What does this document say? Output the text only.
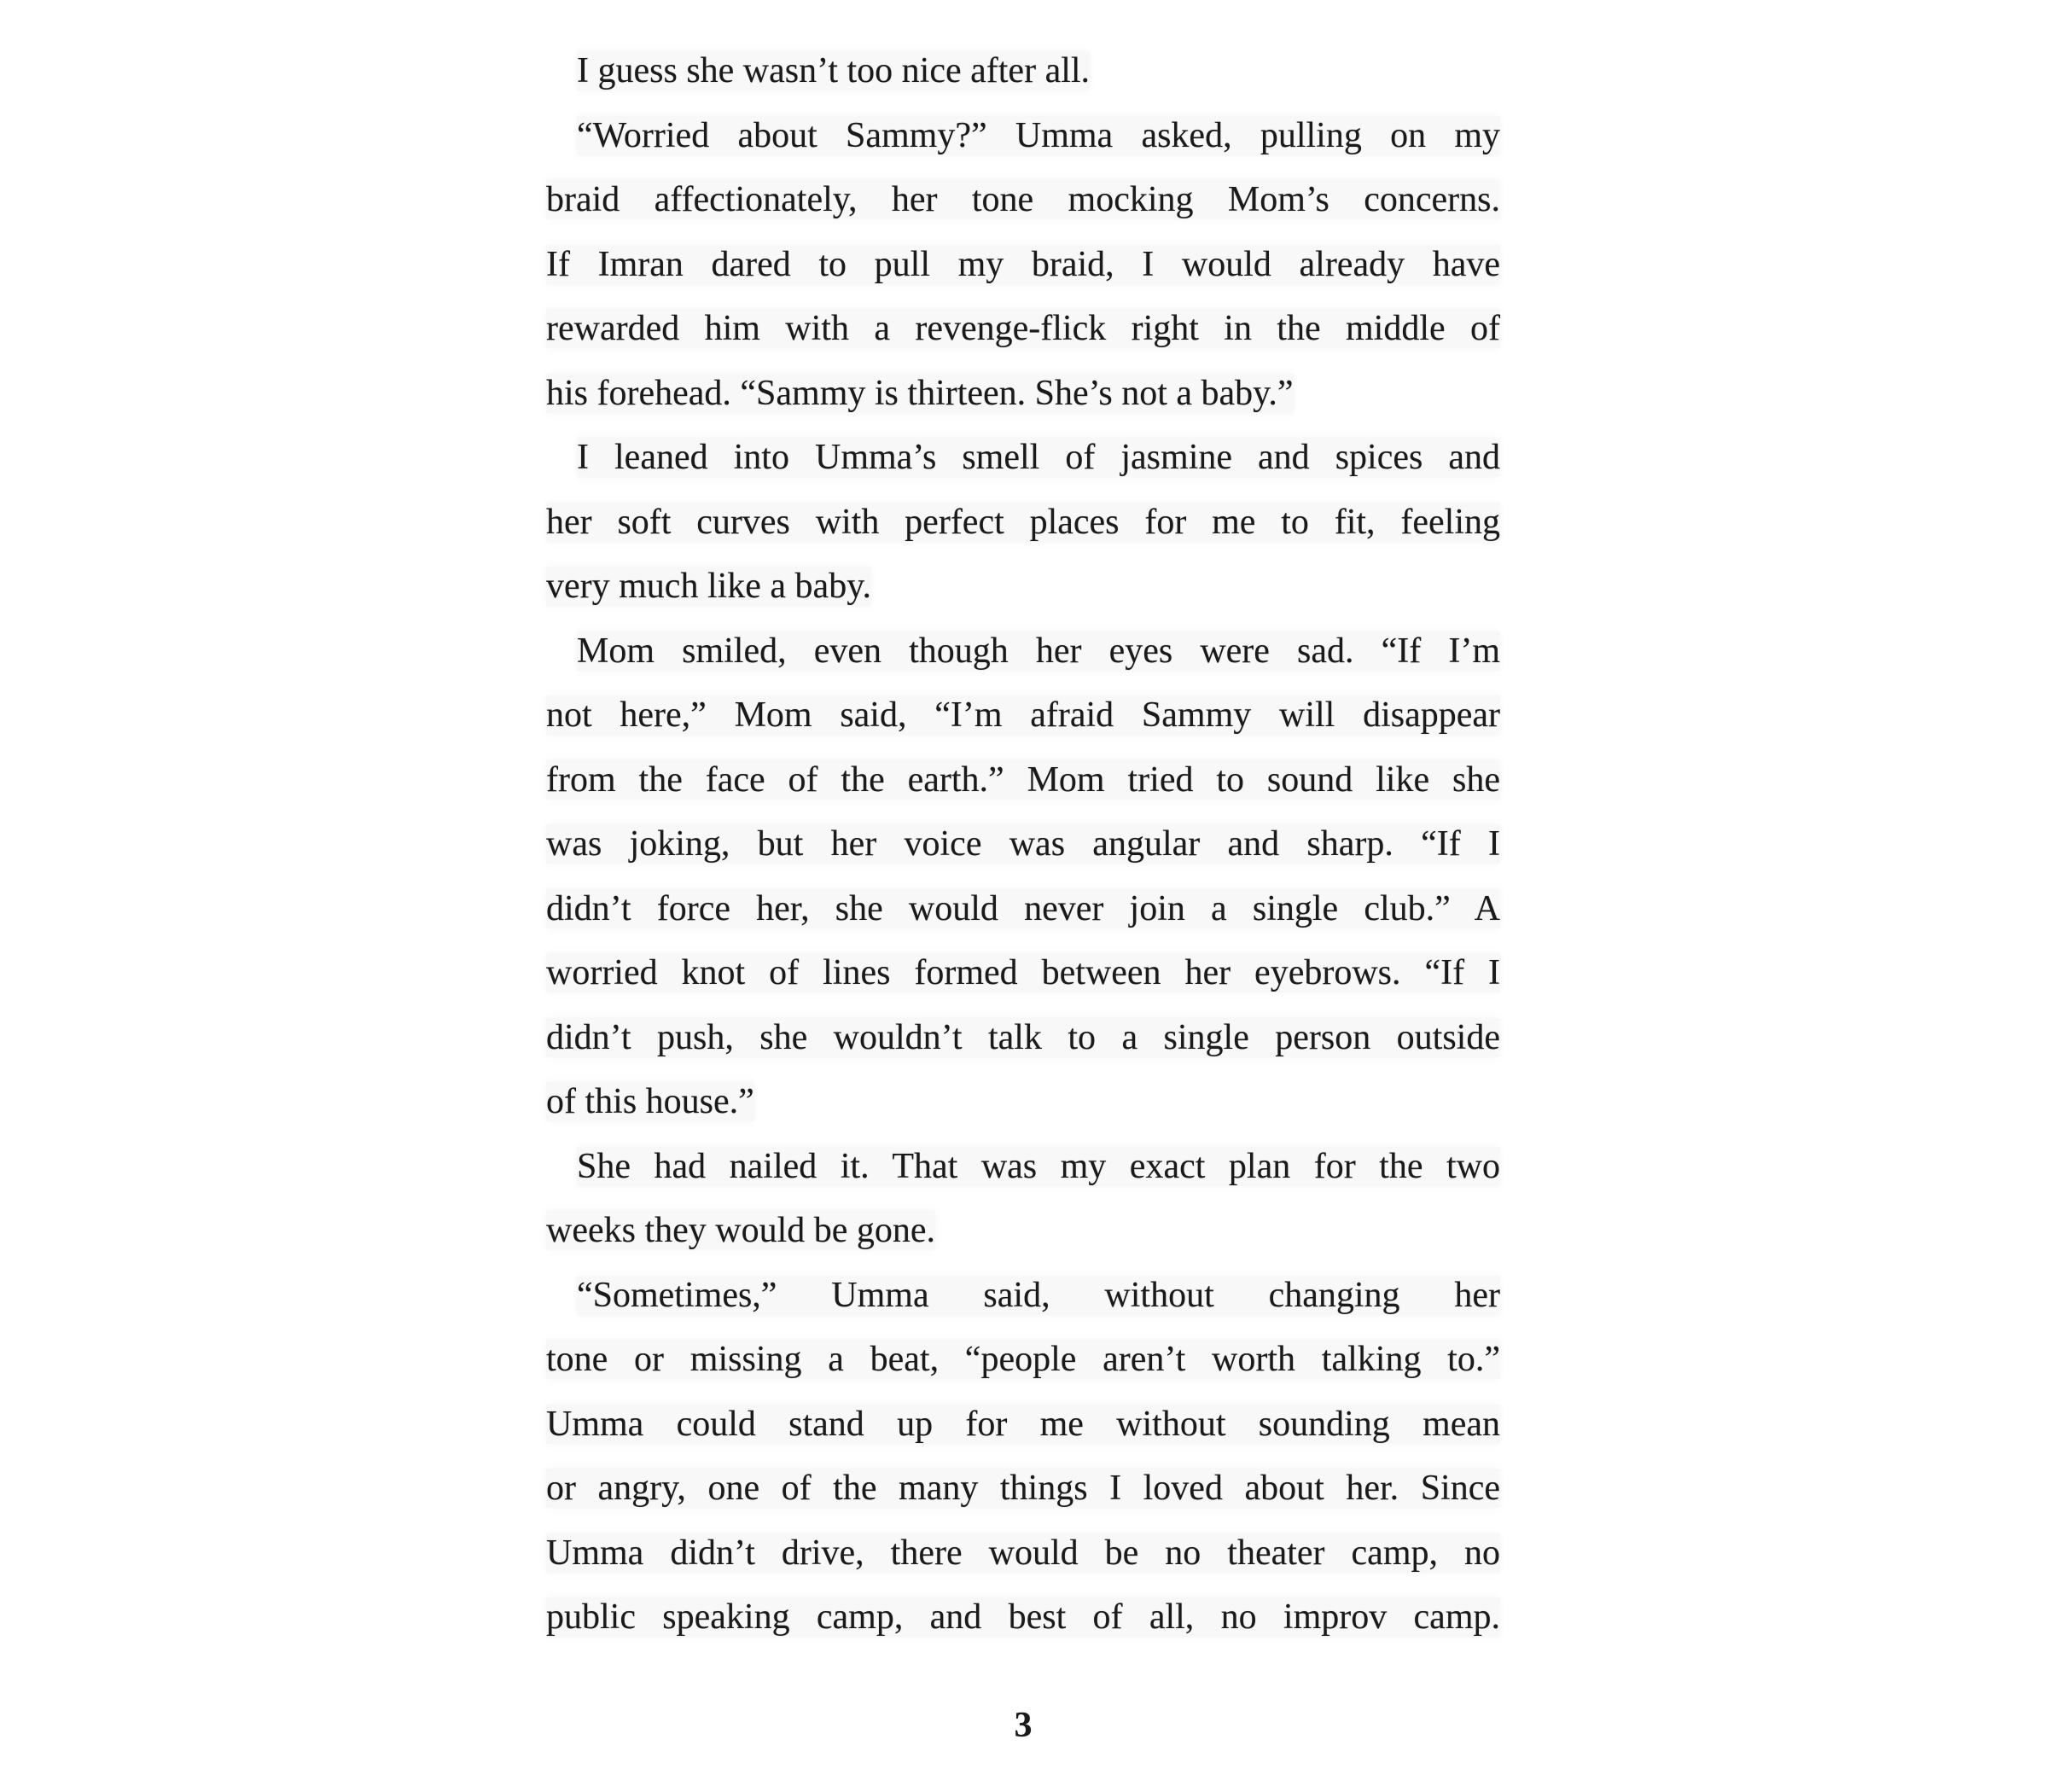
I guess she wasn’t too nice after all.
“Worried about Sammy?” Umma asked, pulling on my
braid affectionately, her tone mocking Mom’s concerns.
If Imran dared to pull my braid, I would already have
rewarded him with a revenge-flick right in the middle of
his forehead. “Sammy is thirteen. She’s not a baby.”
I leaned into Umma’s smell of jasmine and spices and
her soft curves with perfect places for me to fit, feeling
very much like a baby.
Mom smiled, even though her eyes were sad. “If I’m
not here,” Mom said, “I’m afraid Sammy will disappear
from the face of the earth.” Mom tried to sound like she
was joking, but her voice was angular and sharp. “If I
didn’t force her, she would never join a single club.” A
worried knot of lines formed between her eyebrows. “If I
didn’t push, she wouldn’t talk to a single person outside
of this house.”
She had nailed it. That was my exact plan for the two
weeks they would be gone.
“Sometimes,” Umma said, without changing her
tone or missing a beat, “people aren’t worth talking to.”
Umma could stand up for me without sounding mean
or angry, one of the many things I loved about her. Since
Umma didn’t drive, there would be no theater camp, no
public speaking camp, and best of all, no improv camp.
3
